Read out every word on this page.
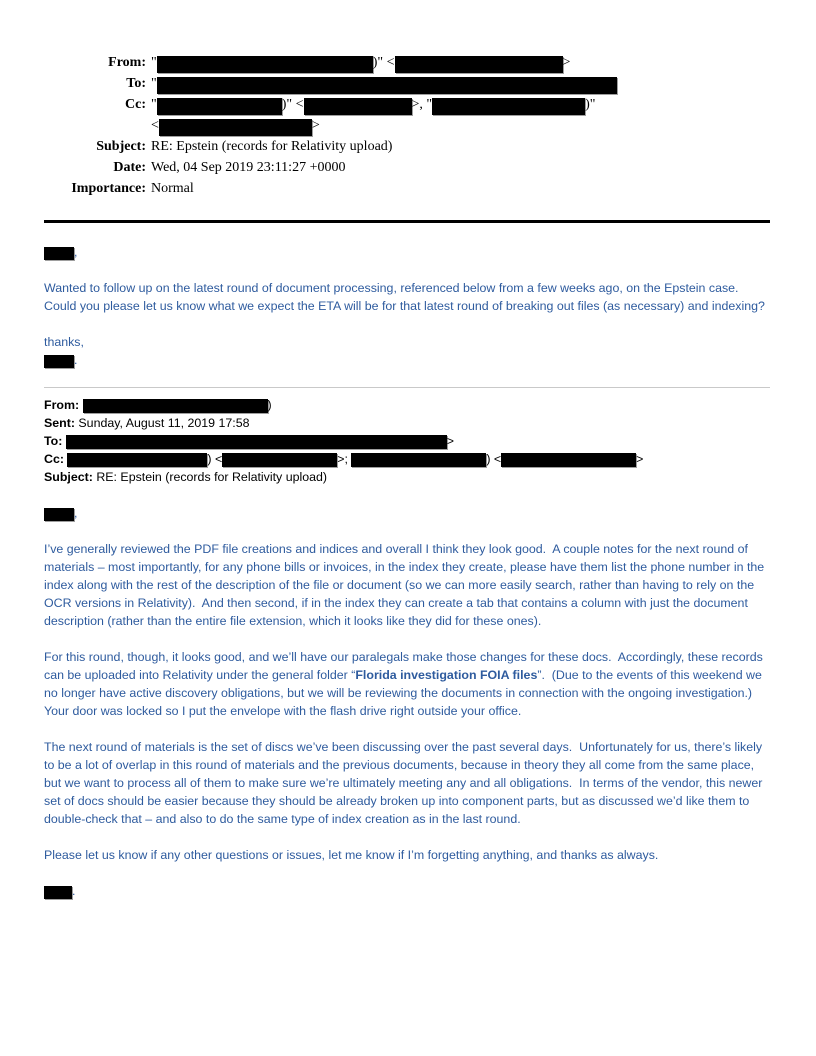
From:	" )" < >
To:	"
Cc:	" )" < >, " )"
< >
Subject:	RE: Epstein (records for Relativity upload)
Date:	Wed, 04 Sep 2019 23:11:27 +0000
Importance:	Normal
,
Wanted to follow up on the latest round of document processing, referenced below from a few weeks ago, on the Epstein case.  Could you please let us know what we expect the ETA will be for that latest round of breaking out files (as necessary) and indexing?
thanks,
.
From:	)
Sent: Sunday, August 11, 2019 17:58
To:	>
Cc:	) <	>;	) <	>
Subject: RE: Epstein (records for Relativity upload)
,
I’ve generally reviewed the PDF file creations and indices and overall I think they look good.  A couple notes for the next round of materials – most importantly, for any phone bills or invoices, in the index they create, please have them list the phone number in the index along with the rest of the description of the file or document (so we can more easily search, rather than having to rely on the OCR versions in Relativity).  And then second, if in the index they can create a tab that contains a column with just the document description (rather than the entire file extension, which it looks like they did for these ones).
For this round, though, it looks good, and we’ll have our paralegals make those changes for these docs.  Accordingly, these records can be uploaded into Relativity under the general folder “Florida investigation FOIA files”.  (Due to the events of this weekend we no longer have active discovery obligations, but we will be reviewing the documents in connection with the ongoing investigation.)  Your door was locked so I put the envelope with the flash drive right outside your office.
The next round of materials is the set of discs we’ve been discussing over the past several days.  Unfortunately for us, there’s likely to be a lot of overlap in this round of materials and the previous documents, because in theory they all come from the same place, but we want to process all of them to make sure we’re ultimately meeting any and all obligations.  In terms of the vendor, this newer set of docs should be easier because they should be already broken up into component parts, but as discussed we’d like them to double-check that – and also to do the same type of index creation as in the last round.
Please let us know if any other questions or issues, let me know if I’m forgetting anything, and thanks as always.
.
